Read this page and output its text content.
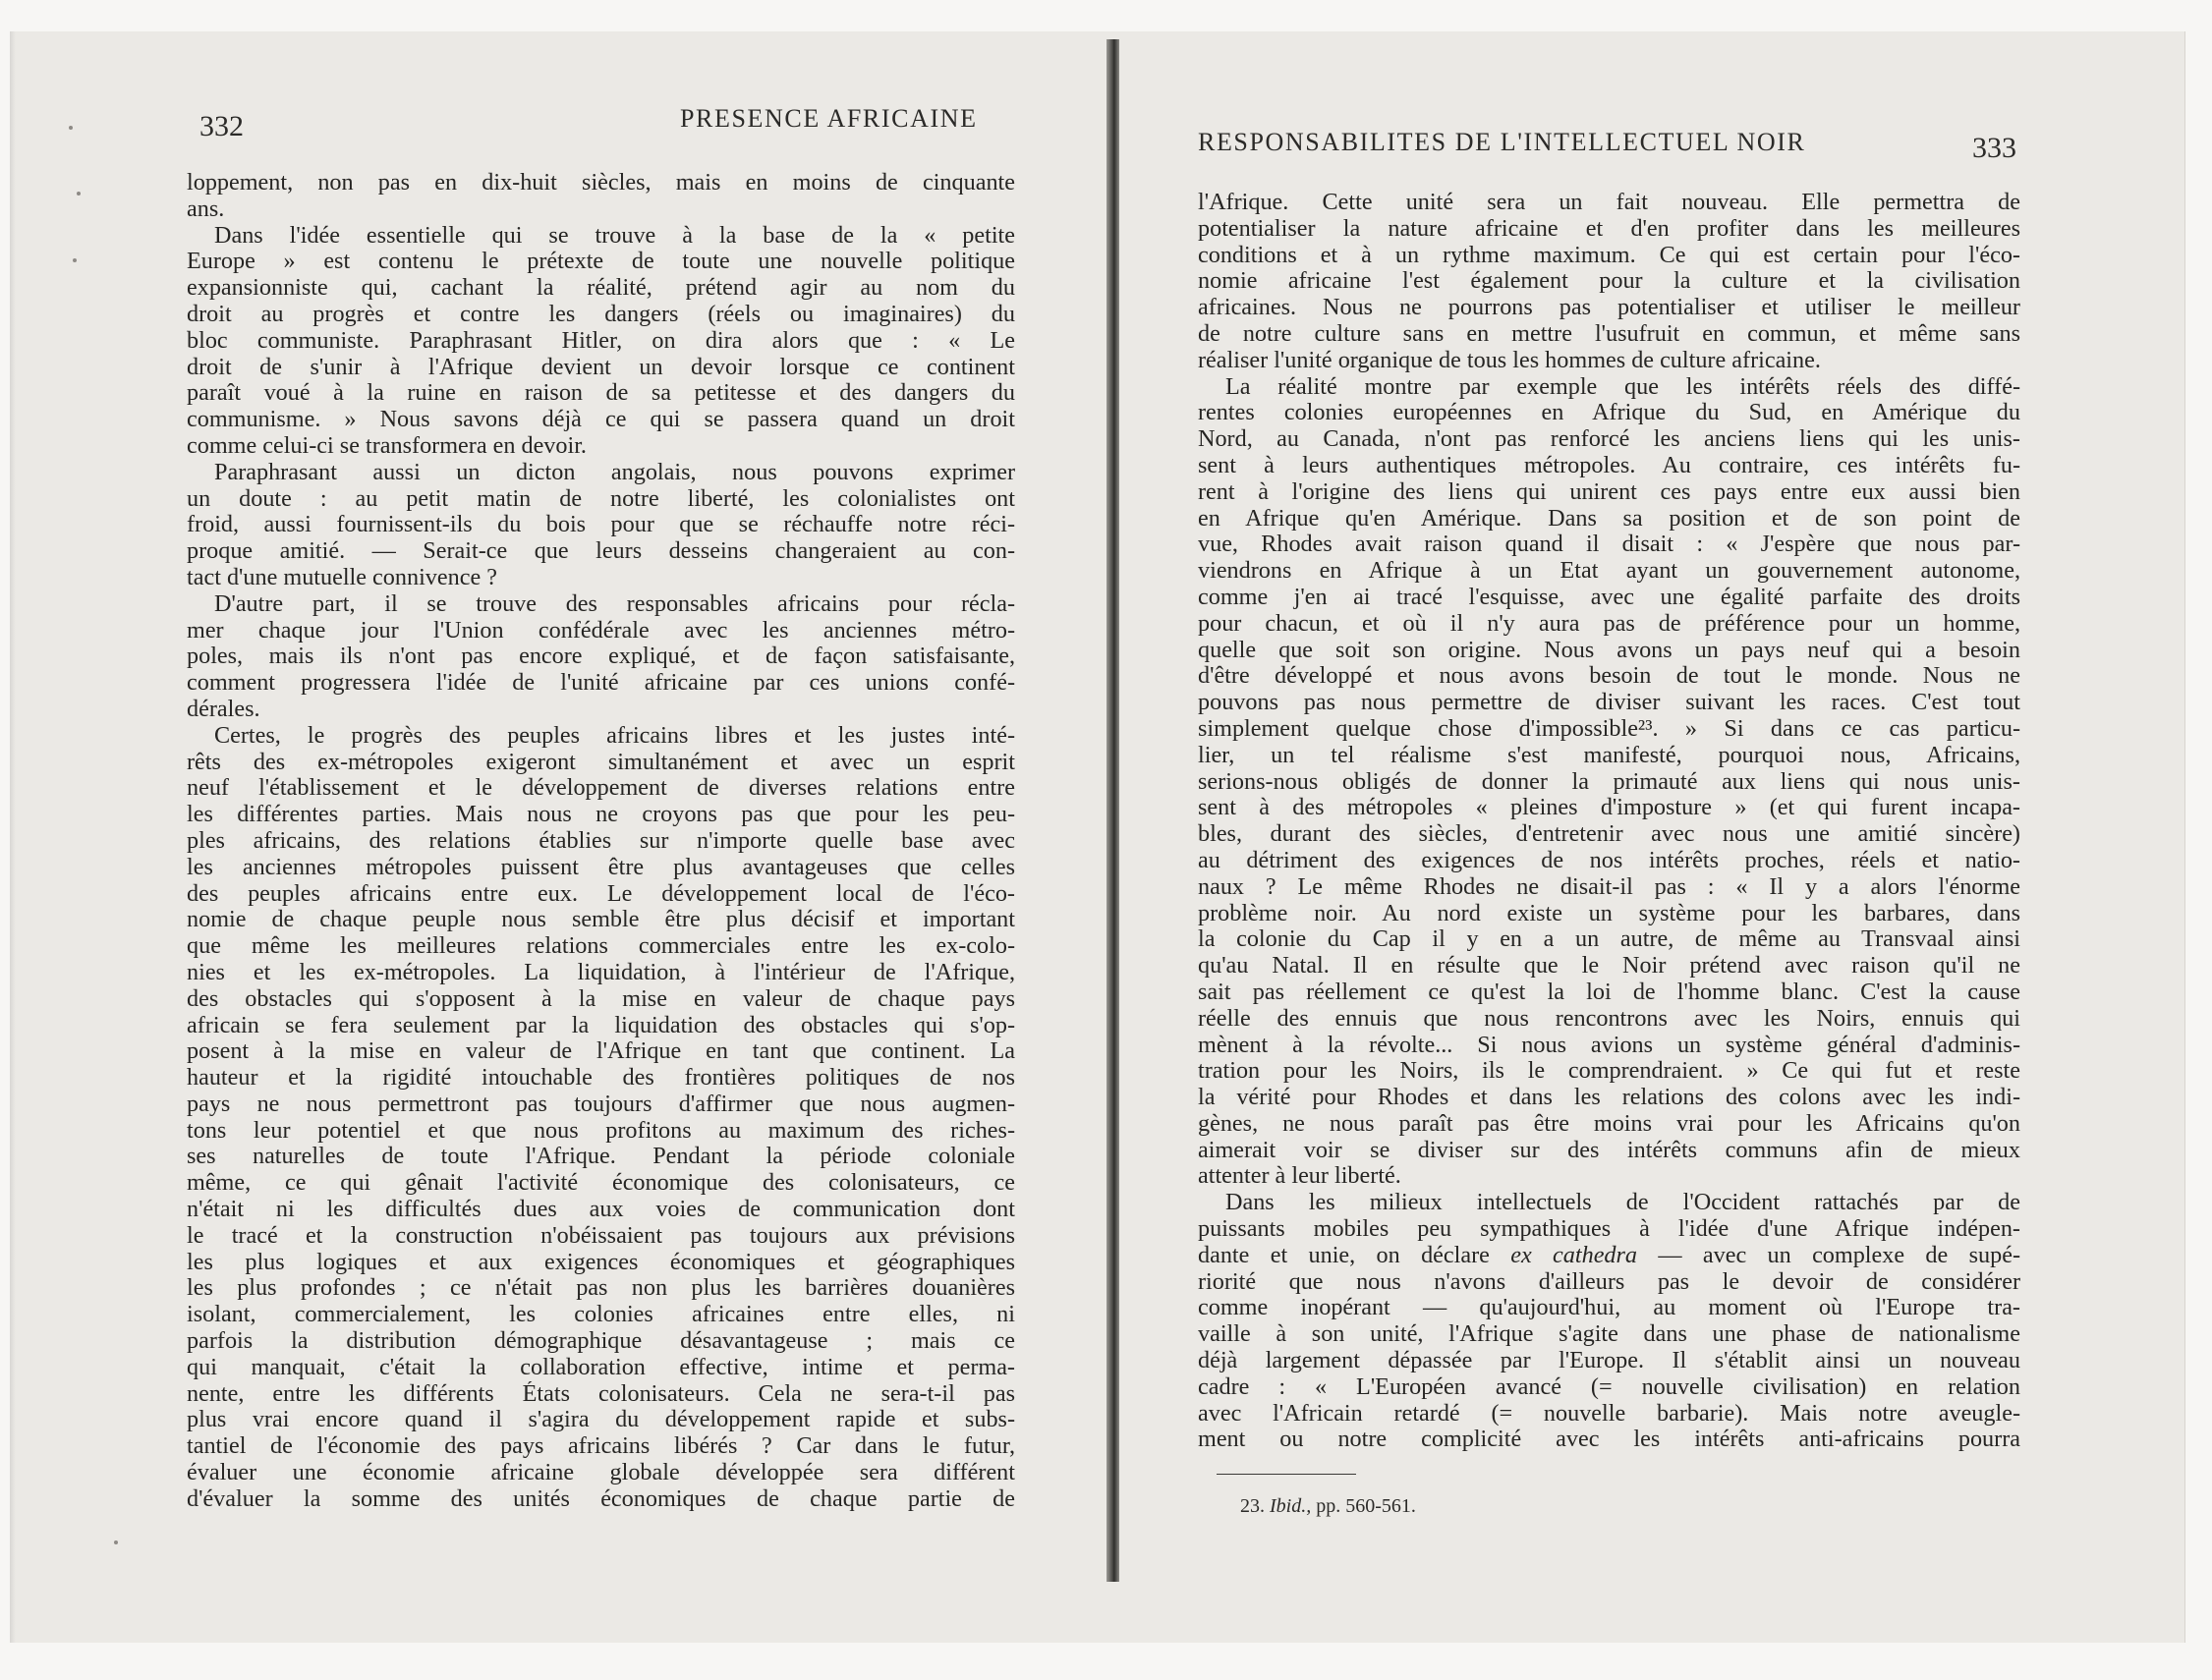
332	PRESENCE AFRICAINE
RESPONSABILITES DE L'INTELLECTUEL NOIR	333
loppement, non pas en dix-huit siècles, mais en moins de cinquante
ans.
Dans l'idée essentielle qui se trouve à la base de la « petite
Europe » est contenu le prétexte de toute une nouvelle politique
expansionniste qui, cachant la réalité, prétend agir au nom du
droit au progrès et contre les dangers (réels ou imaginaires) du
bloc communiste. Paraphrasant Hitler, on dira alors que : « Le
droit de s'unir à l'Afrique devient un devoir lorsque ce continent
paraît voué à la ruine en raison de sa petitesse et des dangers du
communisme. » Nous savons déjà ce qui se passera quand un droit
comme celui-ci se transformera en devoir.
Paraphrasant aussi un dicton angolais, nous pouvons exprimer
un doute : au petit matin de notre liberté, les colonialistes ont
froid, aussi fournissent-ils du bois pour que se réchauffe notre réci-
proque amitié. — Serait-ce que leurs desseins changeraient au con-
tact d'une mutuelle connivence ?
D'autre part, il se trouve des responsables africains pour récla-
mer chaque jour l'Union confédérale avec les anciennes métro-
poles, mais ils n'ont pas encore expliqué, et de façon satisfaisante,
comment progressera l'idée de l'unité africaine par ces unions confé-
dérales.
Certes, le progrès des peuples africains libres et les justes inté-
rêts des ex-métropoles exigeront simultanément et avec un esprit
neuf l'établissement et le développement de diverses relations entre
les différentes parties. Mais nous ne croyons pas que pour les peu-
ples africains, des relations établies sur n'importe quelle base avec
les anciennes métropoles puissent être plus avantageuses que celles
des peuples africains entre eux. Le développement local de l'éco-
nomie de chaque peuple nous semble être plus décisif et important
que même les meilleures relations commerciales entre les ex-colo-
nies et les ex-métropoles. La liquidation, à l'intérieur de l'Afrique,
des obstacles qui s'opposent à la mise en valeur de chaque pays
africain se fera seulement par la liquidation des obstacles qui s'op-
posent à la mise en valeur de l'Afrique en tant que continent. La
hauteur et la rigidité intouchable des frontières politiques de nos
pays ne nous permettront pas toujours d'affirmer que nous augmen-
tons leur potentiel et que nous profitons au maximum des riches-
ses naturelles de toute l'Afrique. Pendant la période coloniale
même, ce qui gênait l'activité économique des colonisateurs, ce
n'était ni les difficultés dues aux voies de communication dont
le tracé et la construction n'obéissaient pas toujours aux prévisions
les plus logiques et aux exigences économiques et géographiques
les plus profondes ; ce n'était pas non plus les barrières douanières
isolant, commercialement, les colonies africaines entre elles, ni
parfois la distribution démographique désavantageuse ; mais ce
qui manquait, c'était la collaboration effective, intime et perma-
nente, entre les différents États colonisateurs. Cela ne sera-t-il pas
plus vrai encore quand il s'agira du développement rapide et subs-
tantiel de l'économie des pays africains libérés ? Car dans le futur,
évaluer une économie africaine globale développée sera différent
d'évaluer la somme des unités économiques de chaque partie de
l'Afrique. Cette unité sera un fait nouveau. Elle permettra de
potentialiser la nature africaine et d'en profiter dans les meilleures
conditions et à un rythme maximum. Ce qui est certain pour l'éco-
nomie africaine l'est également pour la culture et la civilisation
africaines. Nous ne pourrons pas potentialiser et utiliser le meilleur
de notre culture sans en mettre l'usufruit en commun, et même sans
réaliser l'unité organique de tous les hommes de culture africaine.
La réalité montre par exemple que les intérêts réels des diffé-
rentes colonies européennes en Afrique du Sud, en Amérique du
Nord, au Canada, n'ont pas renforcé les anciens liens qui les unis-
sent à leurs authentiques métropoles. Au contraire, ces intérêts fu-
rent à l'origine des liens qui unirent ces pays entre eux aussi bien
en Afrique qu'en Amérique. Dans sa position et de son point de
vue, Rhodes avait raison quand il disait : « J'espère que nous par-
viendrons en Afrique à un Etat ayant un gouvernement autonome,
comme j'en ai tracé l'esquisse, avec une égalité parfaite des droits
pour chacun, et où il n'y aura pas de préférence pour un homme,
quelle que soit son origine. Nous avons un pays neuf qui a besoin
d'être développé et nous avons besoin de tout le monde. Nous ne
pouvons pas nous permettre de diviser suivant les races. C'est tout
simplement quelque chose d'impossible²³. » Si dans ce cas particu-
lier, un tel réalisme s'est manifesté, pourquoi nous, Africains,
serions-nous obligés de donner la primauté aux liens qui nous unis-
sent à des métropoles « pleines d'imposture » (et qui furent incapa-
bles, durant des siècles, d'entretenir avec nous une amitié sincère)
au détriment des exigences de nos intérêts proches, réels et natio-
naux ? Le même Rhodes ne disait-il pas : « Il y a alors l'énorme
problème noir. Au nord existe un système pour les barbares, dans
la colonie du Cap il y en a un autre, de même au Transvaal ainsi
qu'au Natal. Il en résulte que le Noir prétend avec raison qu'il ne
sait pas réellement ce qu'est la loi de l'homme blanc. C'est la cause
réelle des ennuis que nous rencontrons avec les Noirs, ennuis qui
mènent à la révolte... Si nous avions un système général d'adminis-
tration pour les Noirs, ils le comprendraient. » Ce qui fut et reste
la vérité pour Rhodes et dans les relations des colons avec les indi-
gènes, ne nous paraît pas être moins vrai pour les Africains qu'on
aimerait voir se diviser sur des intérêts communs afin de mieux
attenter à leur liberté.
Dans les milieux intellectuels de l'Occident rattachés par de
puissants mobiles peu sympathiques à l'idée d'une Afrique indépen-
dante et unie, on déclare ex cathedra — avec un complexe de supé-
riorité que nous n'avons d'ailleurs pas le devoir de considérer
comme inopérant — qu'aujourd'hui, au moment où l'Europe tra-
vaille à son unité, l'Afrique s'agite dans une phase de nationalisme
déjà largement dépassée par l'Europe. Il s'établit ainsi un nouveau
cadre : « L'Européen avancé (= nouvelle civilisation) en relation
avec l'Africain retardé (= nouvelle barbarie). Mais notre aveugle-
ment ou notre complicité avec les intérêts anti-africains pourra
23. Ibid., pp. 560-561.
